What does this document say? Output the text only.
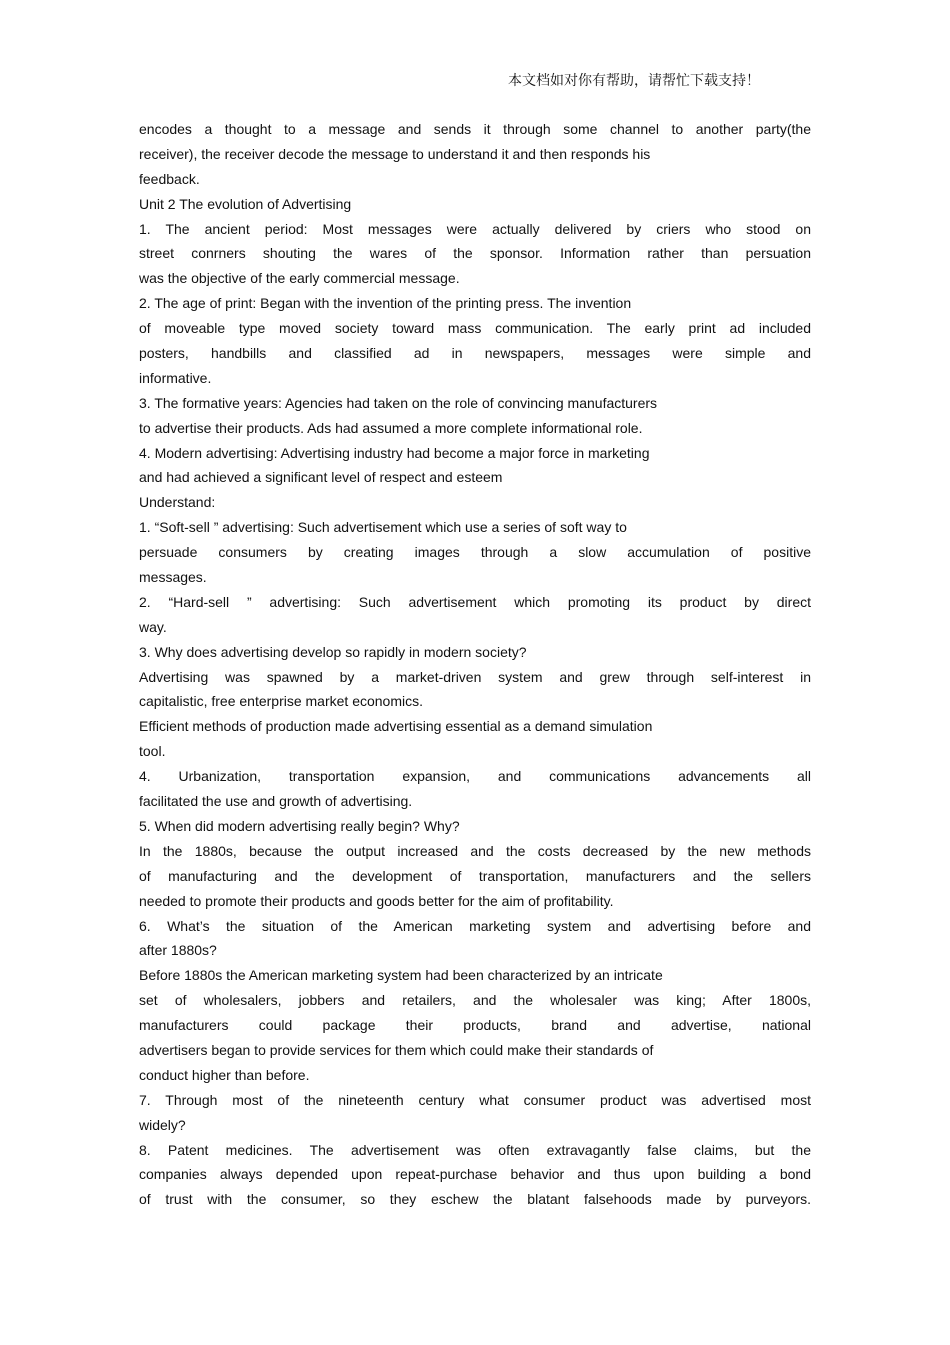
本文档如对你有帮助，请帮忙下载支持！
encodes a thought to a message and sends it through some channel to another party(the
receiver), the receiver decode the message to understand it and then responds his
feedback.
Unit 2 The evolution of Advertising
1. The ancient period: Most messages were actually delivered by criers who stood on
street conrners shouting the wares of the sponsor. Information rather than persuation
was the objective of the early commercial message.
2. The age of print: Began with the invention of the printing press. The invention
of moveable type moved society toward mass communication. The early print ad included
posters, handbills and classified ad in newspapers, messages were simple and
informative.
3. The formative years: Agencies had taken on the role of convincing manufacturers
to advertise their products. Ads had assumed a more complete informational role.
4. Modern advertising: Advertising industry had become a major force in marketing
and had achieved a significant level of respect and esteem
Understand:
1. “Soft-sell ” advertising: Such advertisement which use a series of soft way to
persuade consumers by creating images through a slow accumulation of positive
messages.
2. “Hard-sell ” advertising: Such advertisement which promoting its product by direct
way.
3. Why does advertising develop so rapidly in modern society?
Advertising was spawned by a market-driven system and grew through self-interest in
capitalistic, free enterprise market economics.
Efficient methods of production made advertising essential as a demand simulation
tool.
4. Urbanization, transportation expansion, and communications advancements all
facilitated the use and growth of advertising.
5. When did modern advertising really begin? Why?
In the 1880s, because the output increased and the costs decreased by the new methods
of manufacturing and the development of transportation, manufacturers and the sellers
needed to promote their products and goods better for the aim of profitability.
6. What’s the situation of the American marketing system and advertising before and
after 1880s?
Before 1880s the American marketing system had been characterized by an intricate
set of wholesalers, jobbers and retailers, and the wholesaler was king; After 1800s,
manufacturers could package their products, brand and advertise, national
advertisers began to provide services for them which could make their standards of
conduct higher than before.
7. Through most of the nineteenth century what consumer product was advertised most
widely?
8. Patent medicines. The advertisement was often extravagantly false claims, but the
companies always depended upon repeat-purchase behavior and thus upon building a bond
of trust with the consumer, so they eschew the blatant falsehoods made by purveyors.
